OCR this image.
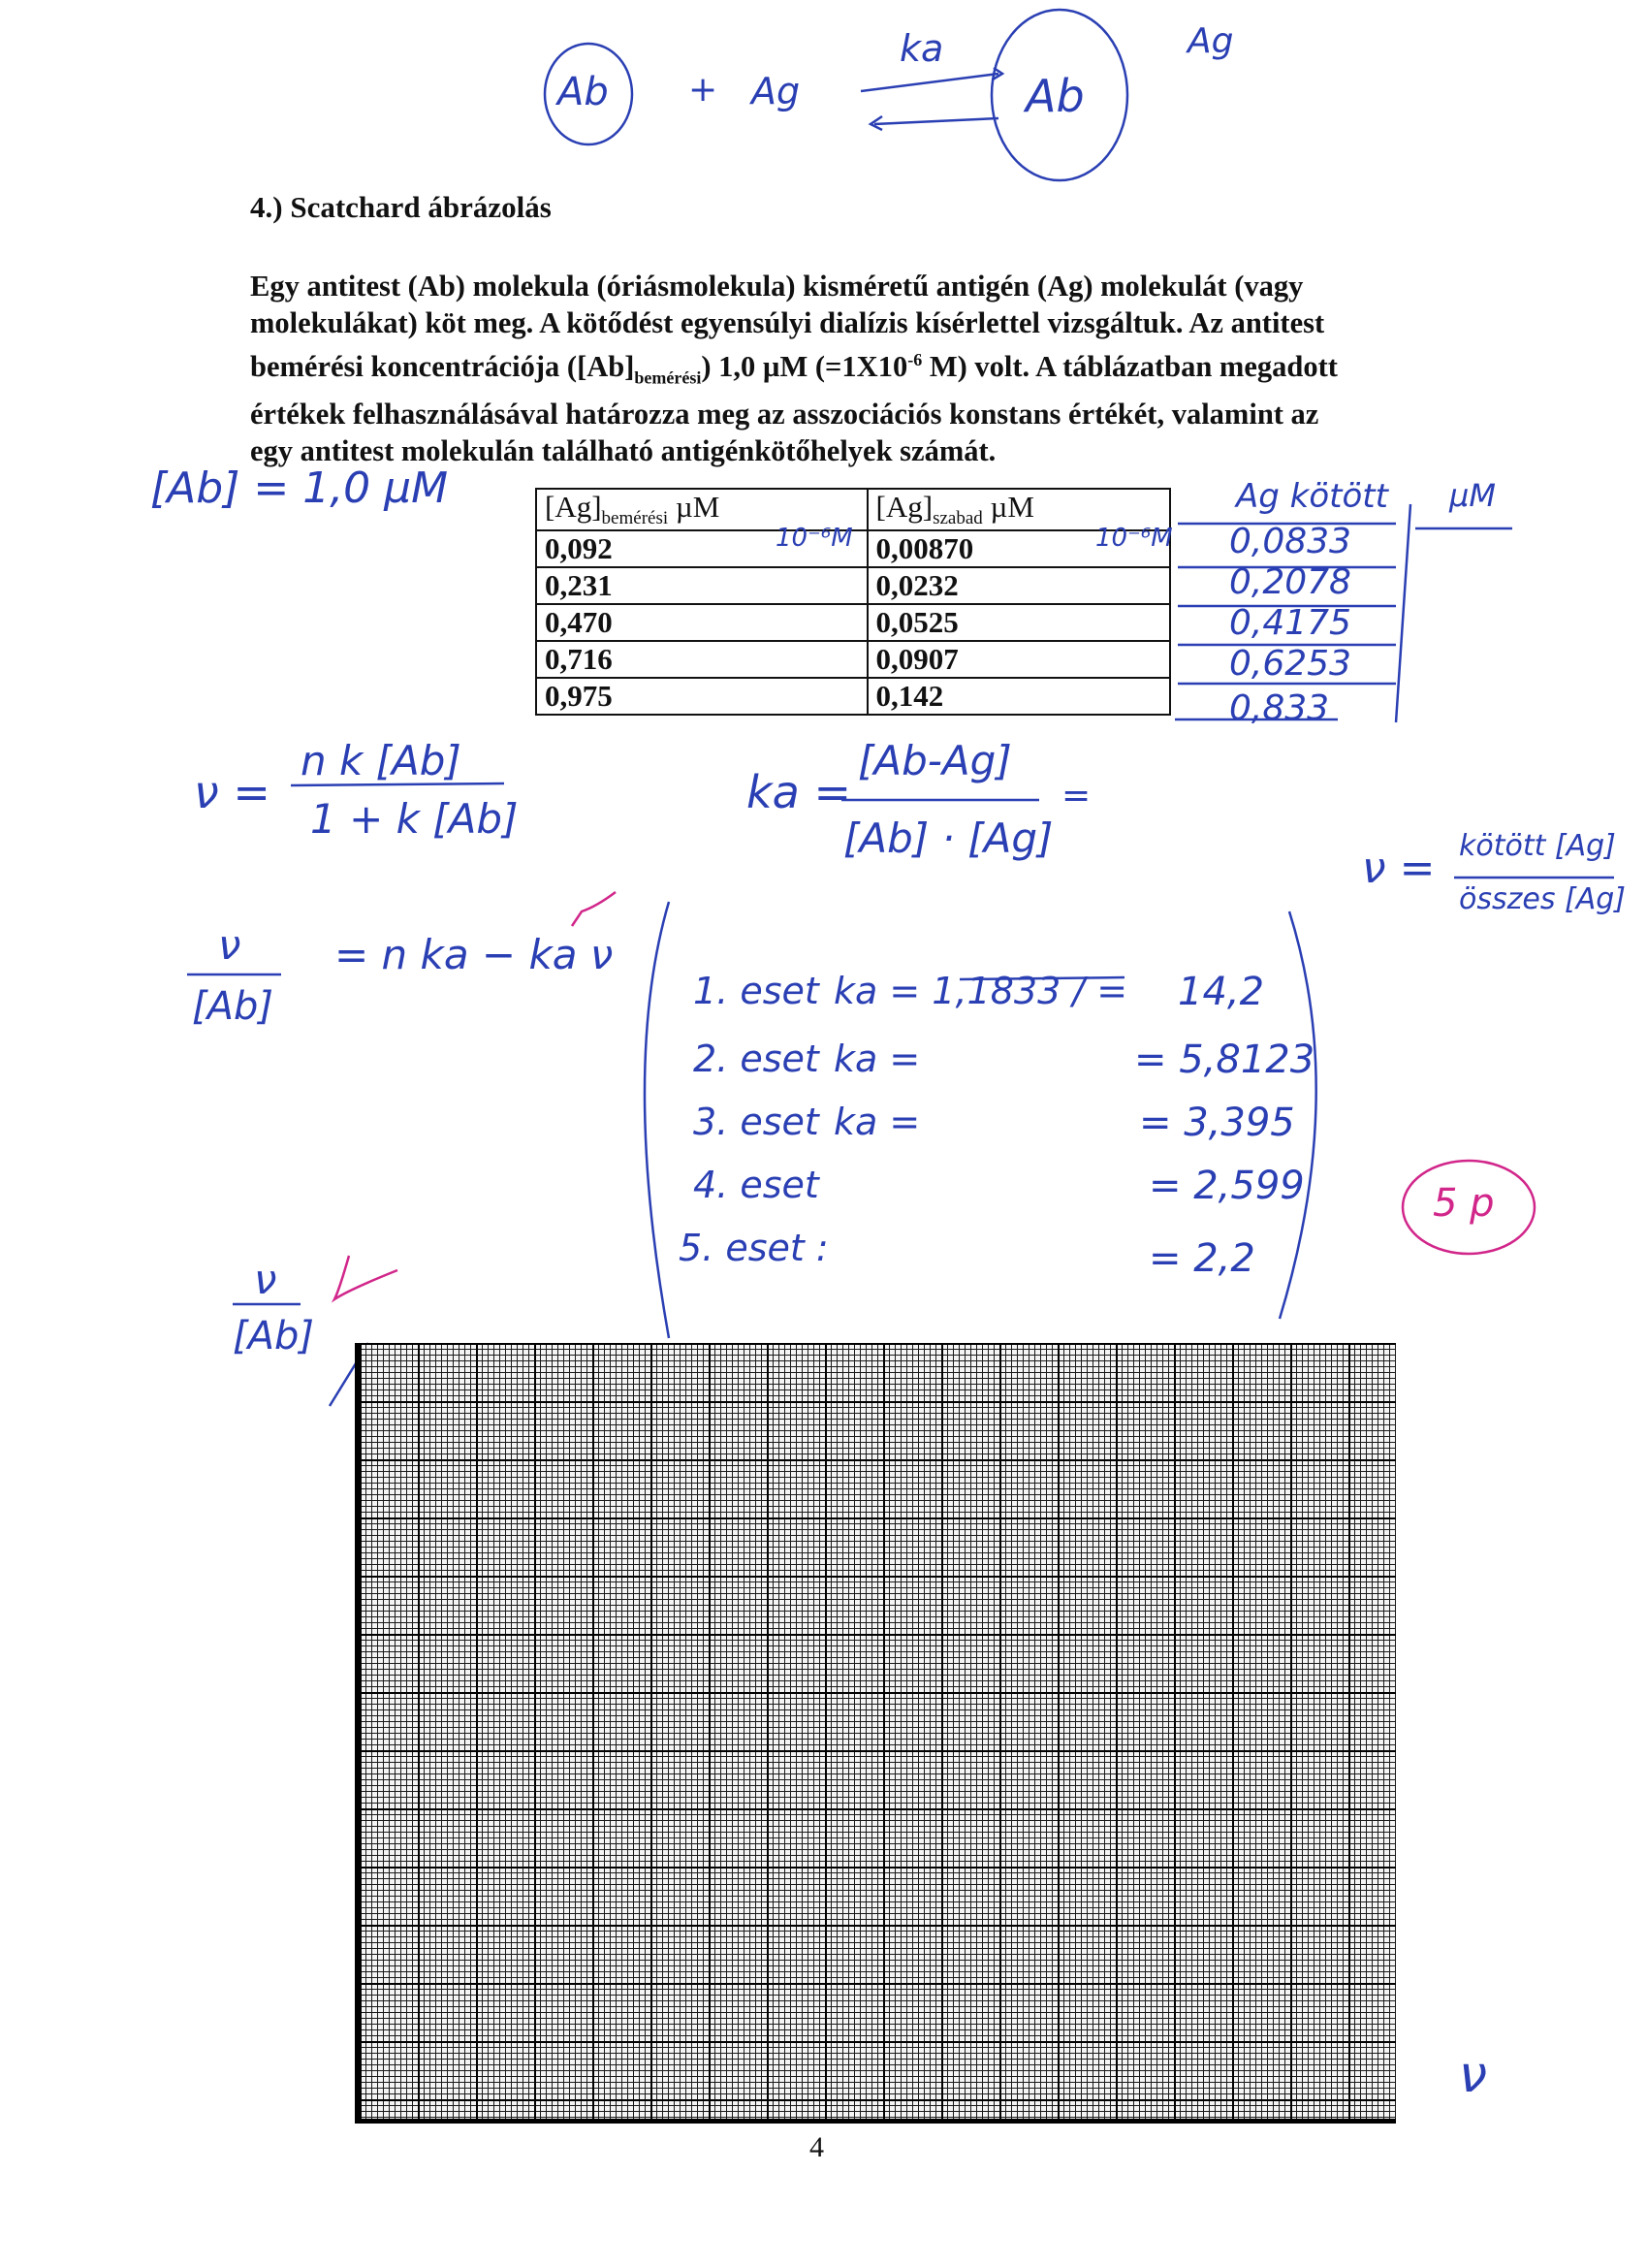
Ab + Ag
ka
Ab
Ag
4.) Scatchard ábrázolás
Egy antitest (Ab) molekula (óriásmolekula) kisméretű antigén (Ag) molekulát (vagy
molekulákat) köt meg. A kötődést egyensúlyi dialízis kísérlettel vizsgáltuk. Az antitest
bemérési koncentrációja $([Ab]_{bemérési})$ 1,0 µM ($=1X10^{-6}$ M) volt. A táblázatban megadott
értékek felhasználásával határozza meg az asszociációs konstans értékét, valamint az
egy antitest molekulán található antigénkötőhelyek számát.
[Ab] = 1,0 µM	$[Ag]_{bemérési}$ µM	$[Ag]_{szabad}$ µM
0,092	0,00870
0,231	0,0232
0,470	0,0525
0,716	0,0907
0,975	0,142
10⁻⁶M	10⁻⁶M
Ag kötött µM
0,0833
0,2078
0,4175
0,6253
0,833
ν =
n k [Ab]
1 + k [Ab]
ka =
[Ab-Ag]
[Ab] · [Ag]
=
ν = kötött [Ag]
összes [Ag]
ν
[Ab]
= n ka − ka ν
1. eset ka = 1,1833 / = 14,2
2. eset ka =	= 5,8123
3. eset ka =	= 3,395
4. eset	= 2,599
5. eset :	= 2,2
5 p
ν
[Ab]
ν
4
